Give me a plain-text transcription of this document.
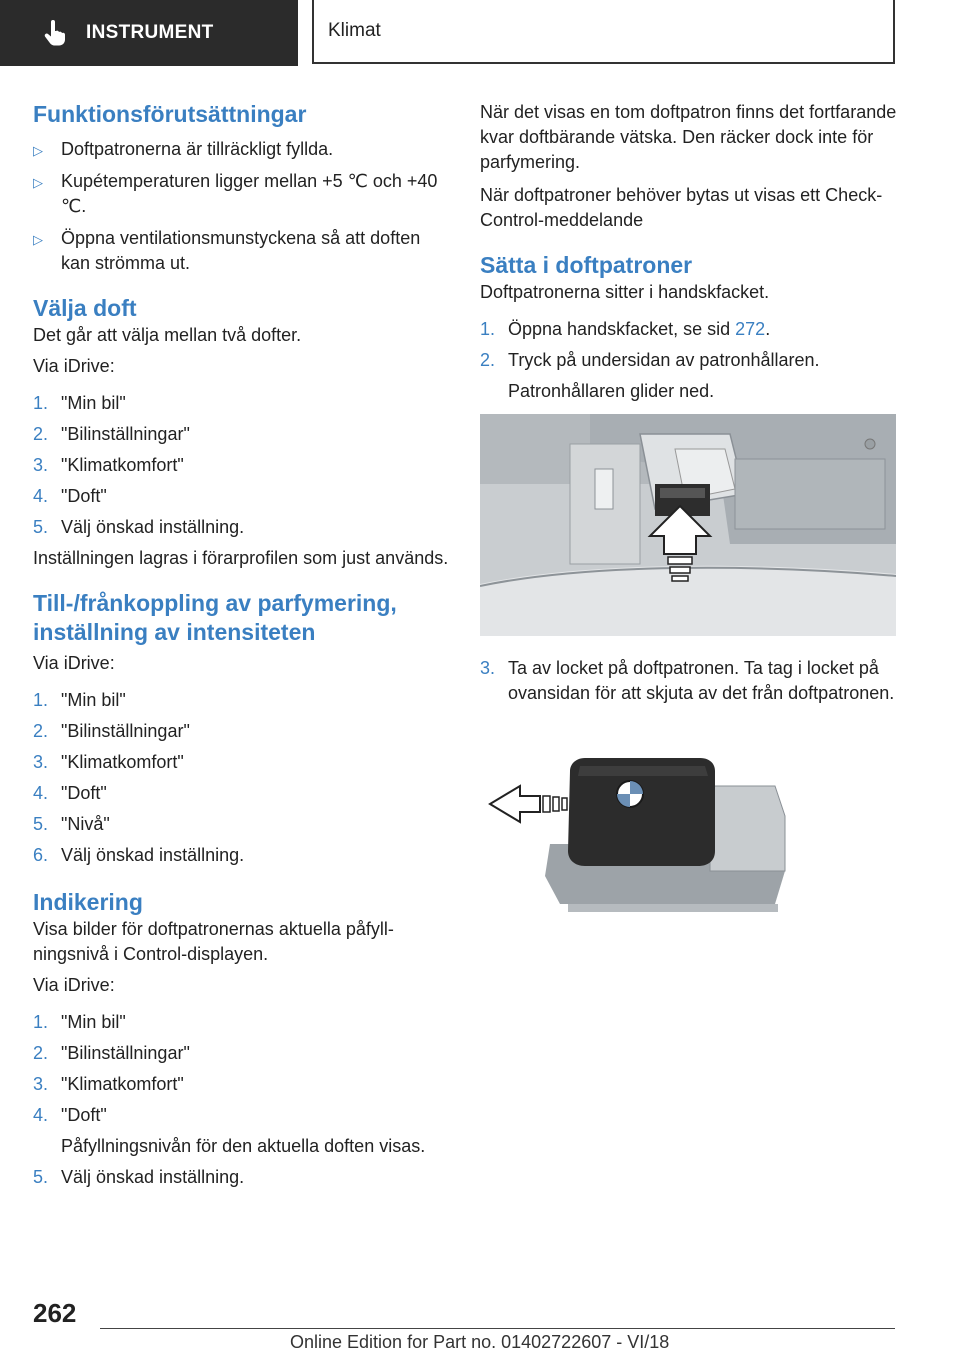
INSTRUMENT	Klimat
Funktionsförutsättningar
▷ Doftpatronerna är tillräckligt fyllda.
▷ Kupétemperaturen ligger mellan +5 ℃ och +40 ℃.
▷ Öppna ventilationsmunstyckena så att doften kan strömma ut.
Välja doft

Det går att välja mellan två dofter.

Via iDrive:

1. "Min bil"
2. "Bilinställningar"
3. "Klimatkomfort"
4. "Doft"
5. Välj önskad inställning.

Inställningen lagras i förarprofilen som just används.

Till-/frånkoppling av parfymering, inställning av intensiteten

Via iDrive:

1. "Min bil"
2. "Bilinställningar"
3. "Klimatkomfort"
4. "Doft"
5. "Nivå"
6. Välj önskad inställning.
Indikering

Visa bilder för doftpatronernas aktuella påfyllningsnivå i Control-displayen.

Via iDrive:

1. "Min bil"
2. "Bilinställningar"
3. "Klimatkomfort"
4. "Doft"
Påfyllningsnivån för den aktuella doften visas.
5. Välj önskad inställning.

När det visas en tom doftpatron finns det fortfarande kvar doftbärande vätska. Den räcker dock inte för parfymering.

När doftpatroner behöver bytas ut visas ett Check-Control-meddelande

Sätta i doftpatroner

Doftpatronerna sitter i handskfacket.

1. Öppna handskfacket, se sid 272.
2. Tryck på undersidan av patronhållaren.
Patronhållaren glider ned.
3. Ta av locket på doftpatronen. Ta tag i locket på ovansidan för att skjuta av det från doftpatronen.
262
Online Edition for Part no. 01402722607 - VI/18
